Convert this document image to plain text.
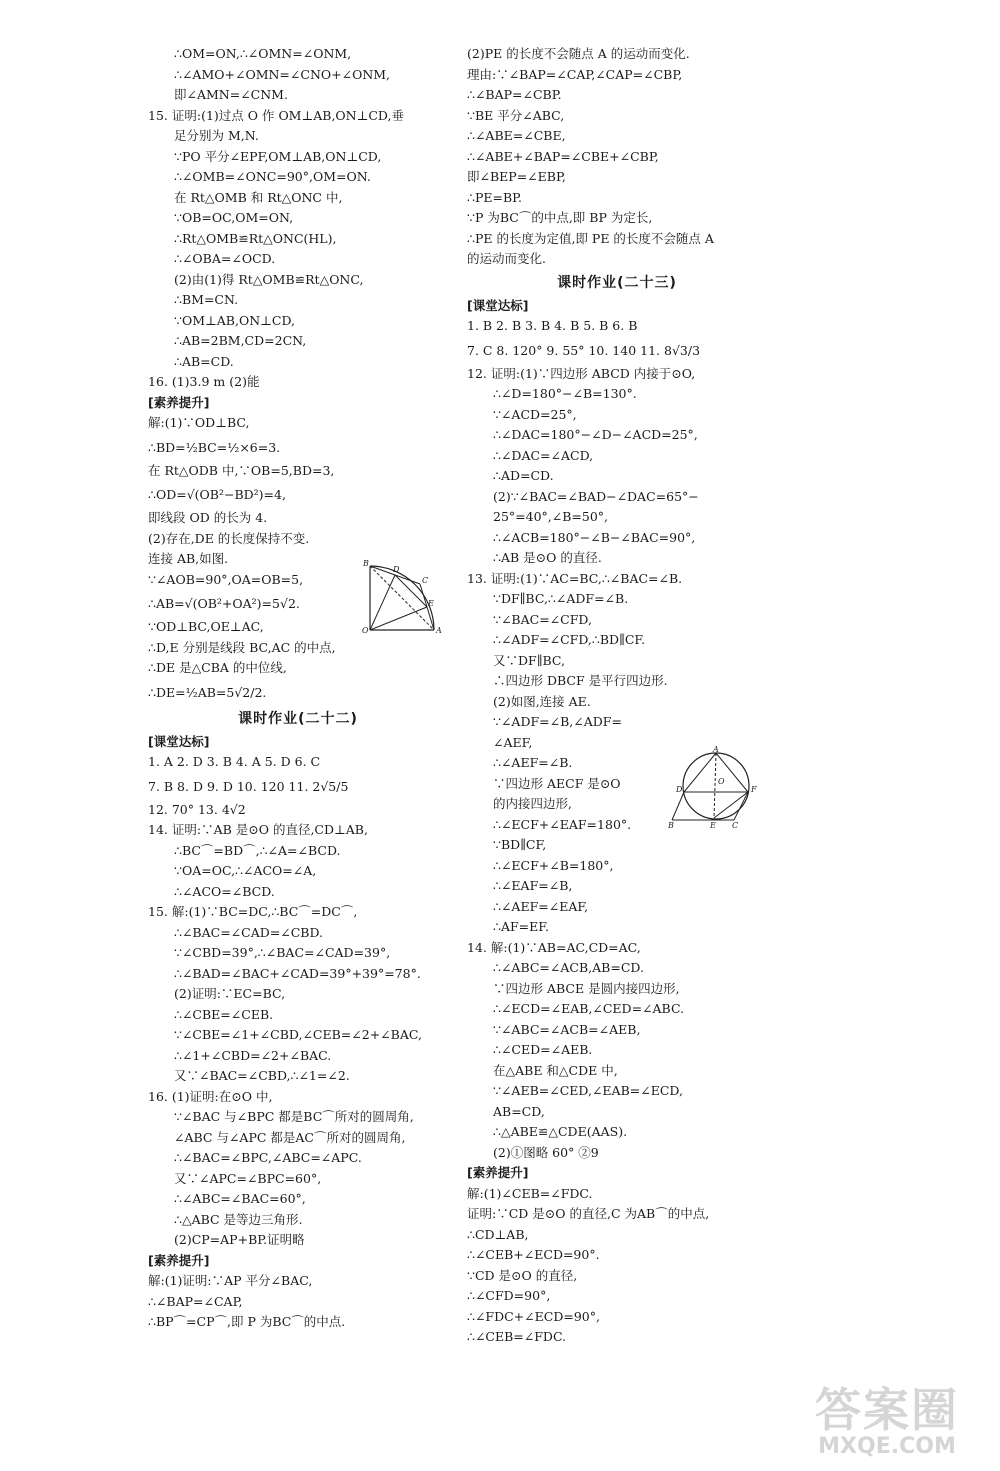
∴OM=ON,∴∠OMN=∠ONM,
∴∠AMO+∠OMN=∠CNO+∠ONM,
即∠AMN=∠CNM.
15. 证明:(1)过点 O 作 OM⊥AB,ON⊥CD,垂
足分别为 M,N.
∵PO 平分∠EPF,OM⊥AB,ON⊥CD,
∴∠OMB=∠ONC=90°,OM=ON.
在 Rt△OMB 和 Rt△ONC 中,
∵OB=OC,OM=ON,
∴Rt△OMB≌Rt△ONC(HL),
∴∠OBA=∠OCD.
(2)由(1)得 Rt△OMB≌Rt△ONC,
∴BM=CN.
∵OM⊥AB,ON⊥CD,
∴AB=2BM,CD=2CN,
∴AB=CD.
16. (1)3.9 m (2)能
[素养提升]
解:(1)∵OD⊥BC,
∴BD=½BC=½×6=3.
在 Rt△ODB 中,∵OB=5,BD=3,
∴OD=√(OB²−BD²)=4,
即线段 OD 的长为 4.
(2)存在,DE 的长度保持不变.
连接 AB,如图.
∵∠AOB=90°,OA=OB=5,
∴AB=√(OB²+OA²)=5√2.
∵OD⊥BC,OE⊥AC,
∴D,E 分别是线段 BC,AC 的中点,
∴DE 是△CBA 的中位线,
∴DE=½AB=5√2/2.
课时作业(二十二)
[课堂达标]
1. A 2. D 3. B 4. A 5. D 6. C
7. B 8. D 9. D 10. 120 11. 2√5/5
12. 70° 13. 4√2
14. 证明:∵AB 是⊙O 的直径,CD⊥AB,
∴BC⌒=BD⌒,∴∠A=∠BCD.
∵OA=OC,∴∠ACO=∠A,
∴∠ACO=∠BCD.
15. 解:(1)∵BC=DC,∴BC⌒=DC⌒,
∴∠BAC=∠CAD=∠CBD.
∵∠CBD=39°,∴∠BAC=∠CAD=39°,
∴∠BAD=∠BAC+∠CAD=39°+39°=78°.
(2)证明:∵EC=BC,
∴∠CBE=∠CEB.
∵∠CBE=∠1+∠CBD,∠CEB=∠2+∠BAC,
∴∠1+∠CBD=∠2+∠BAC.
又∵∠BAC=∠CBD,∴∠1=∠2.
16. (1)证明:在⊙O 中,
∵∠BAC 与∠BPC 都是BC⌒所对的圆周角,
∠ABC 与∠APC 都是AC⌒所对的圆周角,
∴∠BAC=∠BPC,∠ABC=∠APC.
又∵∠APC=∠BPC=60°,
∴∠ABC=∠BAC=60°,
∴△ABC 是等边三角形.
(2)CP=AP+BP.证明略
[素养提升]
解:(1)证明:∵AP 平分∠BAC,
∴∠BAP=∠CAP,
∴BP⌒=CP⌒,即 P 为BC⌒的中点.
(2)PE 的长度不会随点 A 的运动而变化.
理由:∵∠BAP=∠CAP,∠CAP=∠CBP,
∴∠BAP=∠CBP.
∵BE 平分∠ABC,
∴∠ABE=∠CBE,
∴∠ABE+∠BAP=∠CBE+∠CBP,
即∠BEP=∠EBP,
∴PE=BP.
∵P 为BC⌒的中点,即 BP 为定长,
∴PE 的长度为定值,即 PE 的长度不会随点 A
的运动而变化.
课时作业(二十三)
[课堂达标]
1. B 2. B 3. B 4. B 5. B 6. B
7. C 8. 120° 9. 55° 10. 140 11. 8√3/3
12. 证明:(1)∵四边形 ABCD 内接于⊙O,
∴∠D=180°−∠B=130°.
∵∠ACD=25°,
∴∠DAC=180°−∠D−∠ACD=25°,
∴∠DAC=∠ACD,
∴AD=CD.
(2)∵∠BAC=∠BAD−∠DAC=65°−
25°=40°,∠B=50°,
∴∠ACB=180°−∠B−∠BAC=90°,
∴AB 是⊙O 的直径.
13. 证明:(1)∵AC=BC,∴∠BAC=∠B.
∵DF∥BC,∴∠ADF=∠B.
∵∠BAC=∠CFD,
∴∠ADF=∠CFD,∴BD∥CF.
又∵DF∥BC,
∴四边形 DBCF 是平行四边形.
(2)如图,连接 AE.
∵∠ADF=∠B,∠ADF=
∠AEF,
∴∠AEF=∠B.
∵四边形 AECF 是⊙O
的内接四边形,
∴∠ECF+∠EAF=180°.
∵BD∥CF,
∴∠ECF+∠B=180°,
∴∠EAF=∠B,
∴∠AEF=∠EAF,
∴AF=EF.
14. 解:(1)∵AB=AC,CD=AC,
∴∠ABC=∠ACB,AB=CD.
∵四边形 ABCE 是圆内接四边形,
∴∠ECD=∠EAB,∠CED=∠ABC.
∵∠ABC=∠ACB=∠AEB,
∴∠CED=∠AEB.
在△ABE 和△CDE 中,
∵∠AEB=∠CED,∠EAB=∠ECD,
AB=CD,
∴△ABE≌△CDE(AAS).
(2)①图略 60° ②9
[素养提升]
解:(1)∠CEB=∠FDC.
证明:∵CD 是⊙O 的直径,C 为AB⌒的中点,
∴CD⊥AB,
∴∠CEB+∠ECD=90°.
∵CD 是⊙O 的直径,
∴∠CFD=90°,
∴∠FDC+∠ECD=90°,
∴∠CEB=∠FDC.
B
D
C
E
O	A
A
D
O
F
B	E C
答案圈
MXQE.COM
